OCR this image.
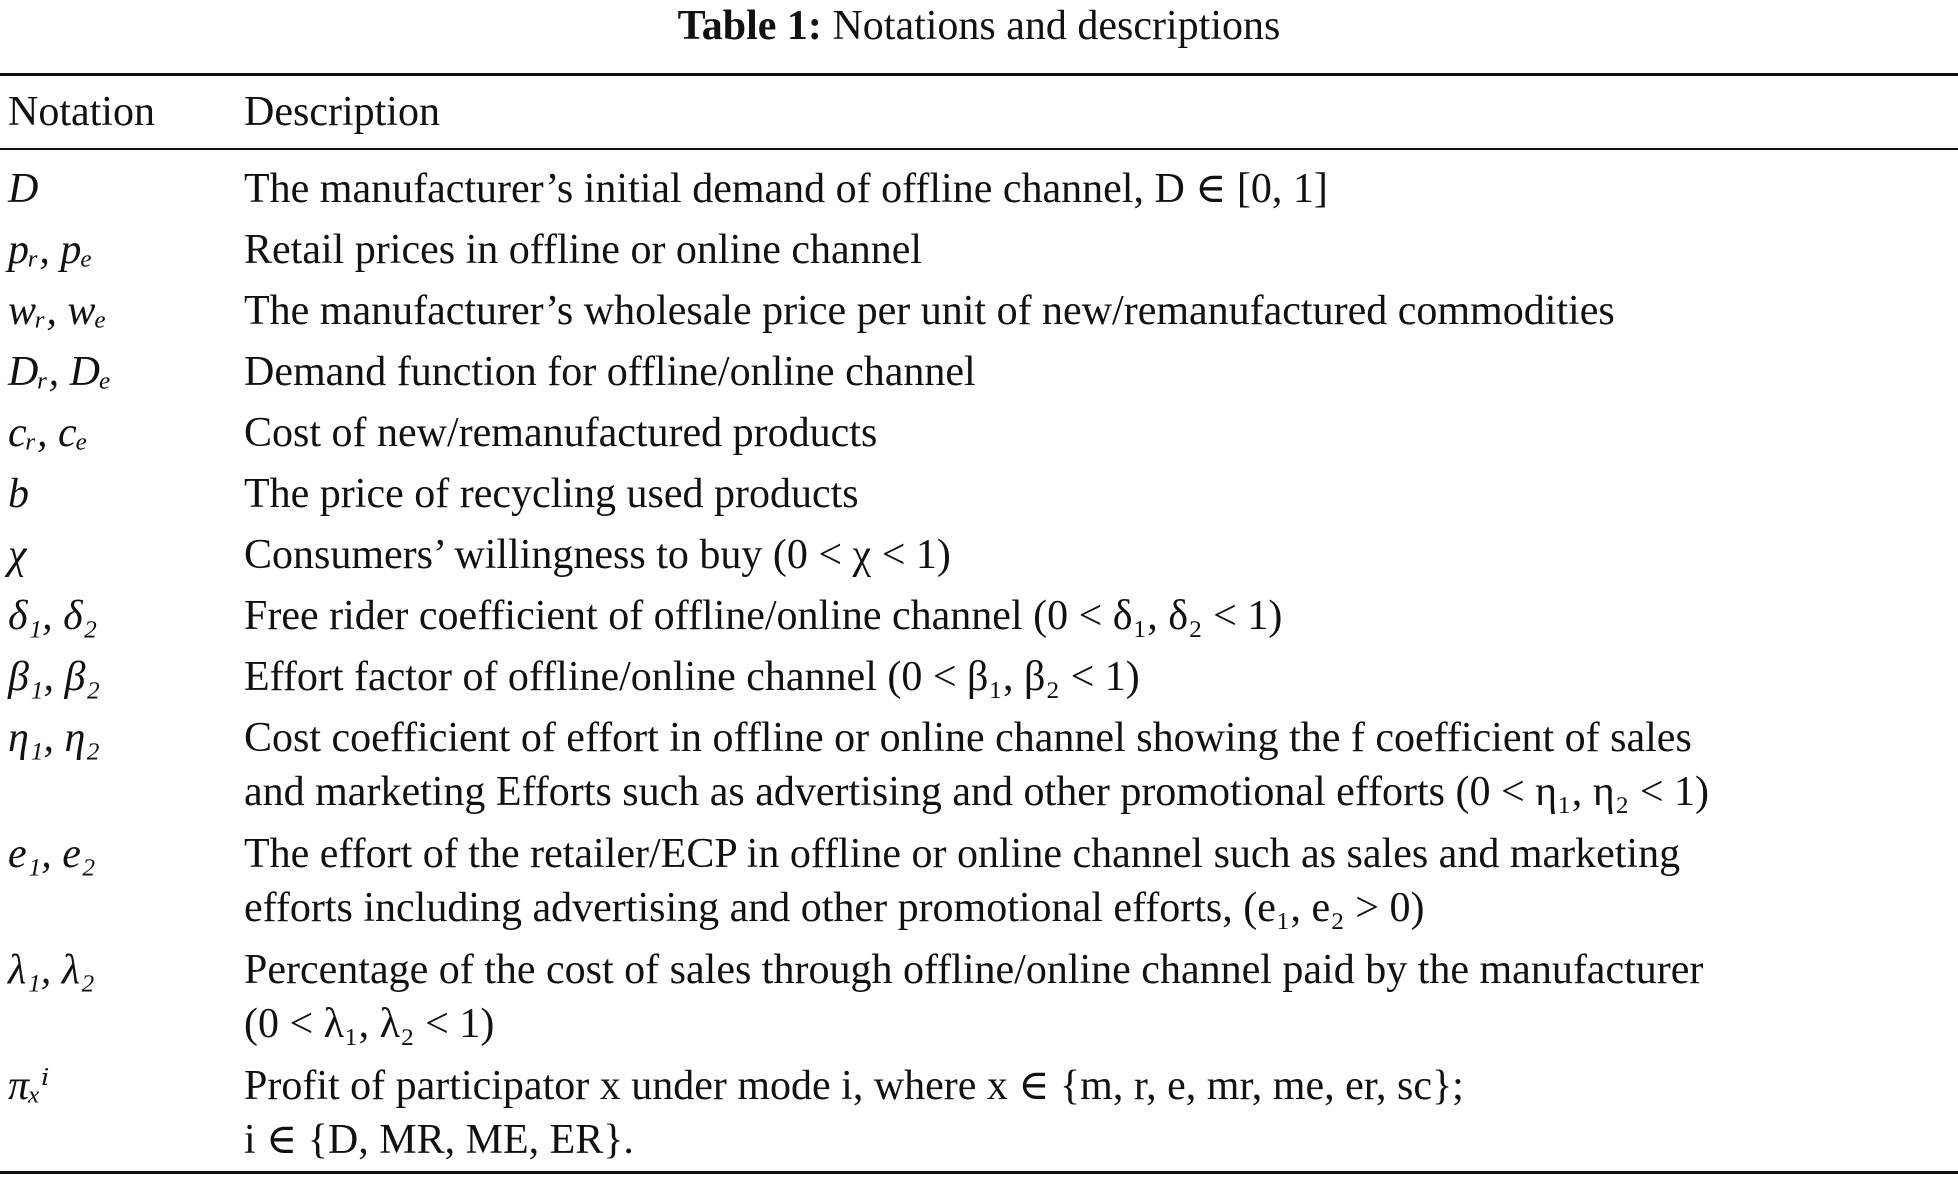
Table 1: Notations and descriptions
Notation Description
D	The manufacturer’s initial demand of offline channel, D ∈ [0, 1]
pᵣ, pₑ	Retail prices in offline or online channel
wᵣ, wₑ	The manufacturer’s wholesale price per unit of new/remanufactured commodities
Dᵣ, Dₑ	Demand function for offline/online channel
cᵣ, cₑ	Cost of new/remanufactured products
b	The price of recycling used products
χ	Consumers’ willingness to buy (0 < χ < 1)
δ₁, δ₂	Free rider coefficient of offline/online channel (0 < δ₁, δ₂ < 1)
β₁, β₂	Effort factor of offline/online channel (0 < β₁, β₂ < 1)
η₁, η₂	Cost coefficient of effort in offline or online channel showing the f coefficient of sales
and marketing Efforts such as advertising and other promotional efforts (0 < η₁, η₂ < 1)
e₁, e₂	The effort of the retailer/ECP in offline or online channel such as sales and marketing
efforts including advertising and other promotional efforts, (e₁, e₂ > 0)
λ₁, λ₂	Percentage of the cost of sales through offline/online channel paid by the manufacturer
(0 < λ₁, λ₂ < 1)
πₓⁱ	Profit of participator x under mode i, where x ∈ {m, r, e, mr, me, er, sc};
i ∈ {D, MR, ME, ER}.
